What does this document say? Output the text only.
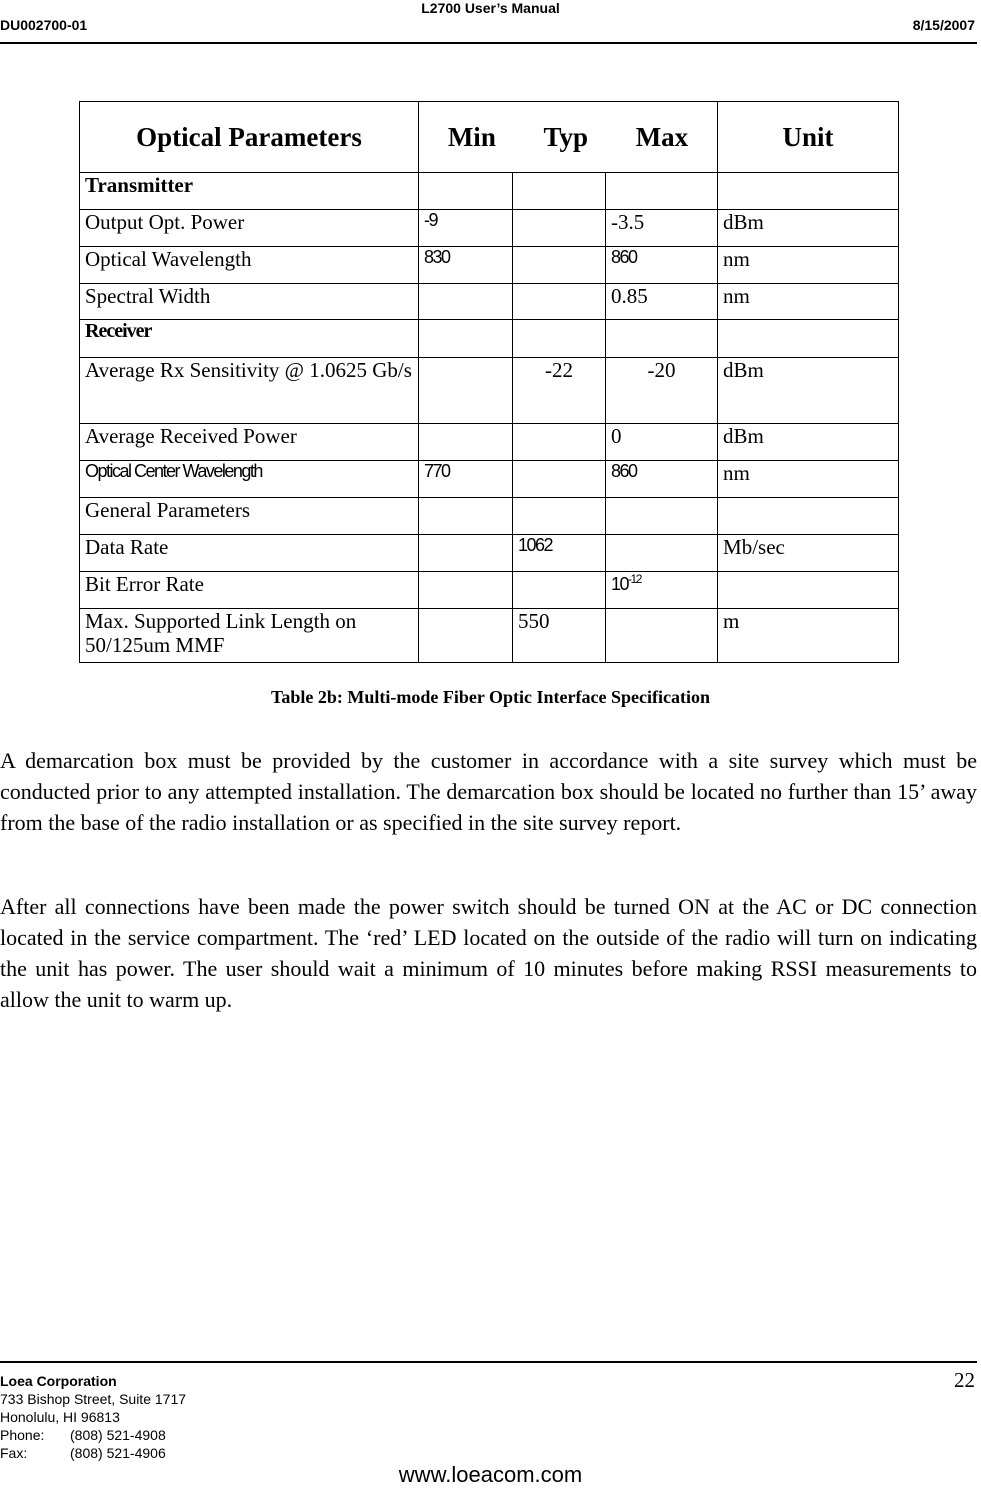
L2700 User’s Manual
DU002700-01	8/15/2007
Optical Parameters	Min Typ Max			Unit
Transmitter				
Output Opt. Power	-9		-3.5	dBm
Optical Wavelength	830		860	nm
Spectral Width			0.85	nm
Receiver				
Average Rx Sensitivity @ 1.0625 Gb/s		-22	-20	dBm
Average Received Power			0	dBm
Optical Center Wavelength	770		860	nm
General Parameters				
Data Rate		1062		Mb/sec
Bit Error Rate			$10^{-12}$	
Max. Supported Link Length on 50/125um MMF		550		m
Table 2b: Multi-mode Fiber Optic Interface Specification

A demarcation box must be provided by the customer in accordance with a site survey which must be conducted prior to any attempted installation. The demarcation box should be located no further than 15’ away from the base of the radio installation or as specified in the site survey report.

After all connections have been made the power switch should be turned ON at the AC or DC connection located in the service compartment. The ‘red’ LED located on the outside of the radio will turn on indicating the unit has power. The user should wait a minimum of 10 minutes before making RSSI measurements to allow the unit to warm up.

Loea Corporation
733 Bishop Street, Suite 1717
Honolulu, HI 96813
Phone: (808) 521-4908
Fax:	(808) 521-4906
22
www.loeacom.com
